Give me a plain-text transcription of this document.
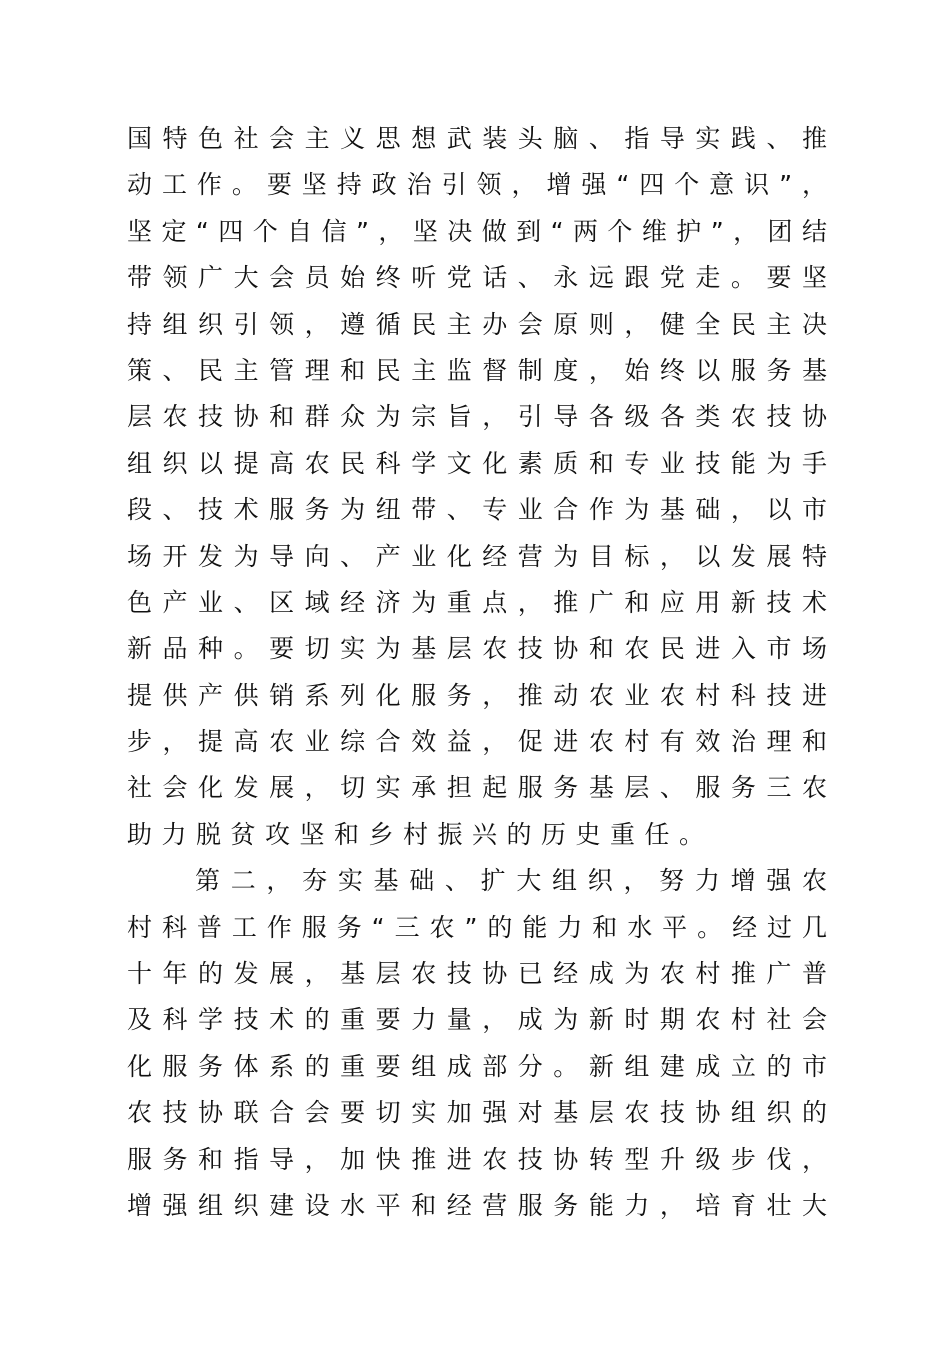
国特色社会主义思想武装头脑、指导实践、推
动工作。要坚持政治引领，增强“四个意识”，
坚定“四个自信”，坚决做到“两个维护”，团结
带领广大会员始终听党话、永远跟党走。要坚
持组织引领，遵循民主办会原则，健全民主决
策、民主管理和民主监督制度，始终以服务基
层农技协和群众为宗旨，引导各级各类农技协
组织以提高农民科学文化素质和专业技能为手
段、技术服务为纽带、专业合作为基础，以市
场开发为导向、产业化经营为目标，以发展特
色产业、区域经济为重点，推广和应用新技术
新品种。要切实为基层农技协和农民进入市场
提供产供销系列化服务，推动农业农村科技进
步，提高农业综合效益，促进农村有效治理和
社会化发展，切实承担起服务基层、服务三农
助力脱贫攻坚和乡村振兴的历史重任。
第二，夯实基础、扩大组织，努力增强农
村科普工作服务“三农”的能力和水平。经过几
十年的发展，基层农技协已经成为农村推广普
及科学技术的重要力量，成为新时期农村社会
化服务体系的重要组成部分。新组建成立的市
农技协联合会要切实加强对基层农技协组织的
服务和指导，加快推进农技协转型升级步伐，
增强组织建设水平和经营服务能力，培育壮大
